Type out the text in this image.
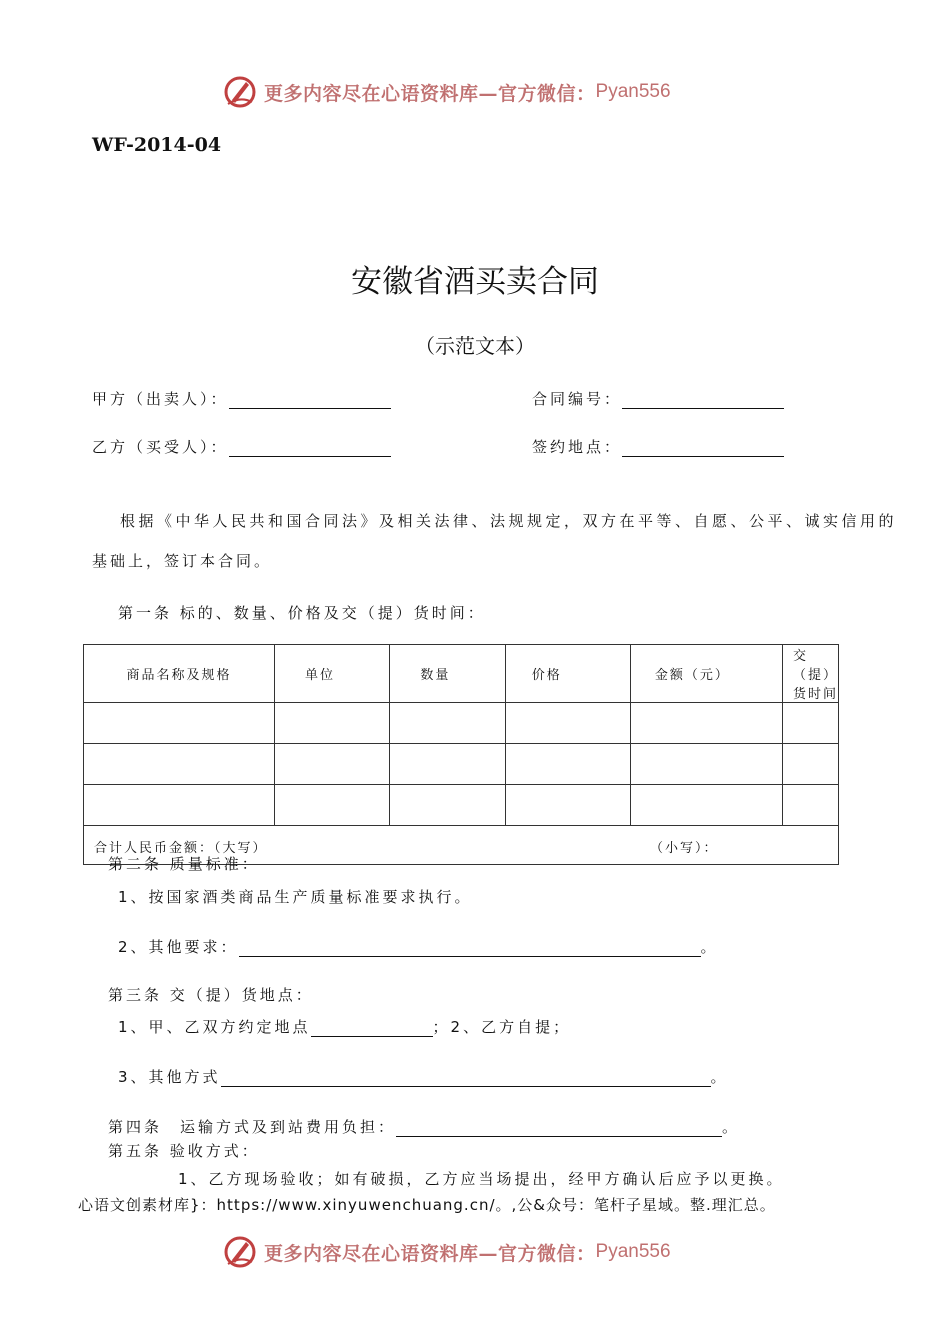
更多内容尽在心语资料库—官方微信： Pyan556
WF-2014-04
安徽省酒买卖合同
（示范文本）
甲方（出卖人）：	合同编号：
乙方（买受人）：	签约地点：
根据《中华人民共和国合同法》及相关法律、法规规定，双方在平等、自愿、公平、诚实信用的
基础上，签订本合同。
第一条 标的、数量、价格及交（提）货时间：
商品名称及规格	单位	数量	价格	金额（元）	交（提）货时间

合计人民币金额：（大写） （小写）：					
第二条 质量标准：
1、按国家酒类商品生产质量标准要求执行。
2、其他要求：	。
第三条 交（提）货地点：
1、甲、乙双方约定地点	；2、乙方自提；
3、其他方式	。
第四条　运输方式及到站费用负担：	。
第五条 验收方式：
1、乙方现场验收；如有破损，乙方应当场提出，经甲方确认后应予以更换。
心语文创素材库}：https://www.xinyuwenchuang.cn/。,公&众号：笔杆子星域。整.理汇总。
更多内容尽在心语资料库—官方微信： Pyan556
